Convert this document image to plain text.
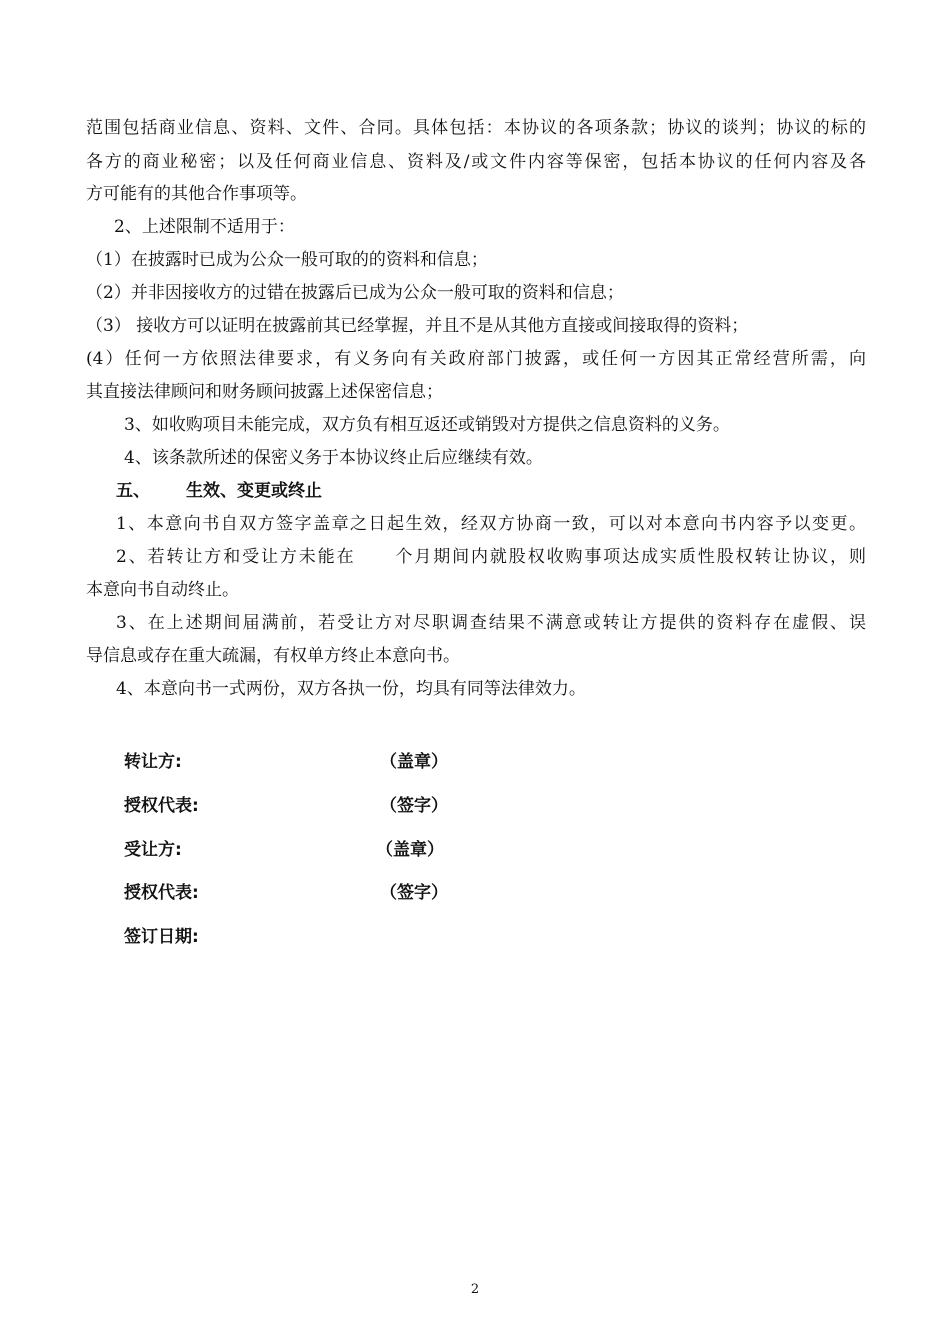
范围包括商业信息、资料、文件、合同。具体包括：本协议的各项条款；协议的谈判；协议的标的
各方的商业秘密；以及任何商业信息、资料及/或文件内容等保密，包括本协议的任何内容及各
方可能有的其他合作事项等。
2、上述限制不适用于：
（1）在披露时已成为公众一般可取的的资料和信息；
（2）并非因接收方的过错在披露后已成为公众一般可取的资料和信息；
（3） 接收方可以证明在披露前其已经掌握，并且不是从其他方直接或间接取得的资料；
(4）任何一方依照法律要求，有义务向有关政府部门披露，或任何一方因其正常经营所需，向
其直接法律顾问和财务顾问披露上述保密信息；
3、如收购项目未能完成，双方负有相互返还或销毁对方提供之信息资料的义务。
4、该条款所述的保密义务于本协议终止后应继续有效。
五、 生效、变更或终止
1、本意向书自双方签字盖章之日起生效，经双方协商一致，可以对本意向书内容予以变更。
2、若转让方和受让方未能在 个月期间内就股权收购事项达成实质性股权转让协议，则
本意向书自动终止。
3、在上述期间届满前，若受让方对尽职调查结果不满意或转让方提供的资料存在虚假、误
导信息或存在重大疏漏，有权单方终止本意向书。
4、本意向书一式两份，双方各执一份，均具有同等法律效力。
转让方:	（盖章）
授权代表:	（签字）
受让方:	（盖章）
授权代表:	（签字）
签订日期:
2
